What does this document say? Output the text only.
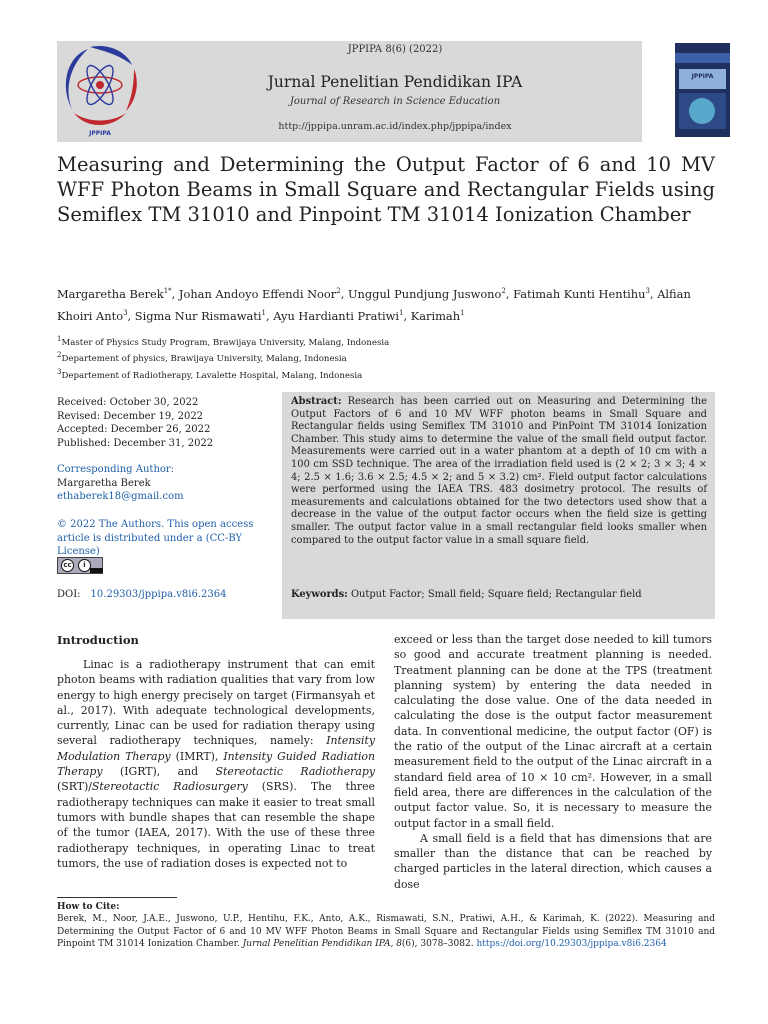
JPPIPA
JPPIPA 8(6) (2022)
Jurnal Penelitian Pendidikan IPA
Journal of Research in Science Education
http://jppipa.unram.ac.id/index.php/jppipa/index
JPPIPA
Measuring and Determining the Output Factor of 6 and 10 MV WFF Photon Beams in Small Square and Rectangular Fields using Semiflex TM 31010 and Pinpoint TM 31014 Ionization Chamber
Margaretha Berek$^{1*}$, Johan Andoyo Effendi Noor$^2$, Unggul Pundjung Juswono$^2$, Fatimah Kunti Hentihu$^3$, Alfian Khoiri Anto$^3$, Sigma Nur Rismawati$^1$, Ayu Hardianti Pratiwi$^1$, Karimah$^1$
$^1$Master of Physics Study Program, Brawijaya University, Malang, Indonesia
$^2$Departement of physics, Brawijaya University, Malang, Indonesia
$^3$Departement of Radiotherapy, Lavalette Hospital, Malang, Indonesia
Received: October 30, 2022
Revised: December 19, 2022
Accepted: December 26, 2022
Published: December 31, 2022
Corresponding Author:
Margaretha Berek
ethaberek18@gmail.com
© 2022 The Authors. This open access article is distributed under a (CC-BY License)
cc	i
DOI: 10.29303/jppipa.v8i6.2364

Abstract: Research has been carried out on Measuring and Determining the Output Factors of 6 and 10 MV WFF photon beams in Small Square and Rectangular fields using Semiflex TM 31010 and PinPoint TM 31014 Ionization Chamber. This study aims to determine the value of the small field output factor. Measurements were carried out in a water phantom at a depth of 10 cm with a 100 cm SSD technique. The area of the irradiation field used is (2 × 2; 3 × 3; 4 × 4; 2.5 × 1.6; 3.6 × 2.5; 4.5 × 2; and 5 × 3.2) cm². Field output factor calculations were performed using the IAEA TRS. 483 dosimetry protocol. The results of measurements and calculations obtained for the two detectors used show that a decrease in the value of the output factor occurs when the field size is getting smaller. The output factor value in a small rectangular field looks smaller when compared to the output factor value in a small square field.

Keywords: Output Factor; Small field; Square field; Rectangular field
Introduction

Linac is a radiotherapy instrument that can emit photon beams with radiation qualities that vary from low energy to high energy precisely on target (Firmansyah et al., 2017). With adequate technological developments, currently, Linac can be used for radiation therapy using several radiotherapy techniques, namely: Intensity Modulation Therapy (IMRT), Intensity Guided Radiation Therapy (IGRT), and Stereotactic Radiotherapy (SRT)/Stereotactic Radiosurgery (SRS). The three radiotherapy techniques can make it easier to treat small tumors with bundle shapes that can resemble the shape of the tumor (IAEA, 2017). With the use of these three radiotherapy techniques, in operating Linac to treat tumors, the use of radiation doses is expected not to

exceed or less than the target dose needed to kill tumors so good and accurate treatment planning is needed. Treatment planning can be done at the TPS (treatment planning system) by entering the data needed in calculating the dose value. One of the data needed in calculating the dose is the output factor measurement data. In conventional medicine, the output factor (OF) is the ratio of the output of the Linac aircraft at a certain measurement field to the output of the Linac aircraft in a standard field area of 10 × 10 cm². However, in a small field area, there are differences in the calculation of the output factor value. So, it is necessary to measure the output factor in a small field.

A small field is a field that has dimensions that are smaller than the distance that can be reached by charged particles in the lateral direction, which causes a dose

How to Cite:
Berek, M., Noor, J.A.E., Juswono, U.P., Hentihu, F.K., Anto, A.K., Rismawati, S.N., Pratiwi, A.H., & Karimah, K. (2022). Measuring and Determining the Output Factor of 6 and 10 MV WFF Photon Beams in Small Square and Rectangular Fields using Semiflex TM 31010 and Pinpoint TM 31014 Ionization Chamber. Jurnal Penelitian Pendidikan IPA, 8(6), 3078–3082. https://doi.org/10.29303/jppipa.v8i6.2364
